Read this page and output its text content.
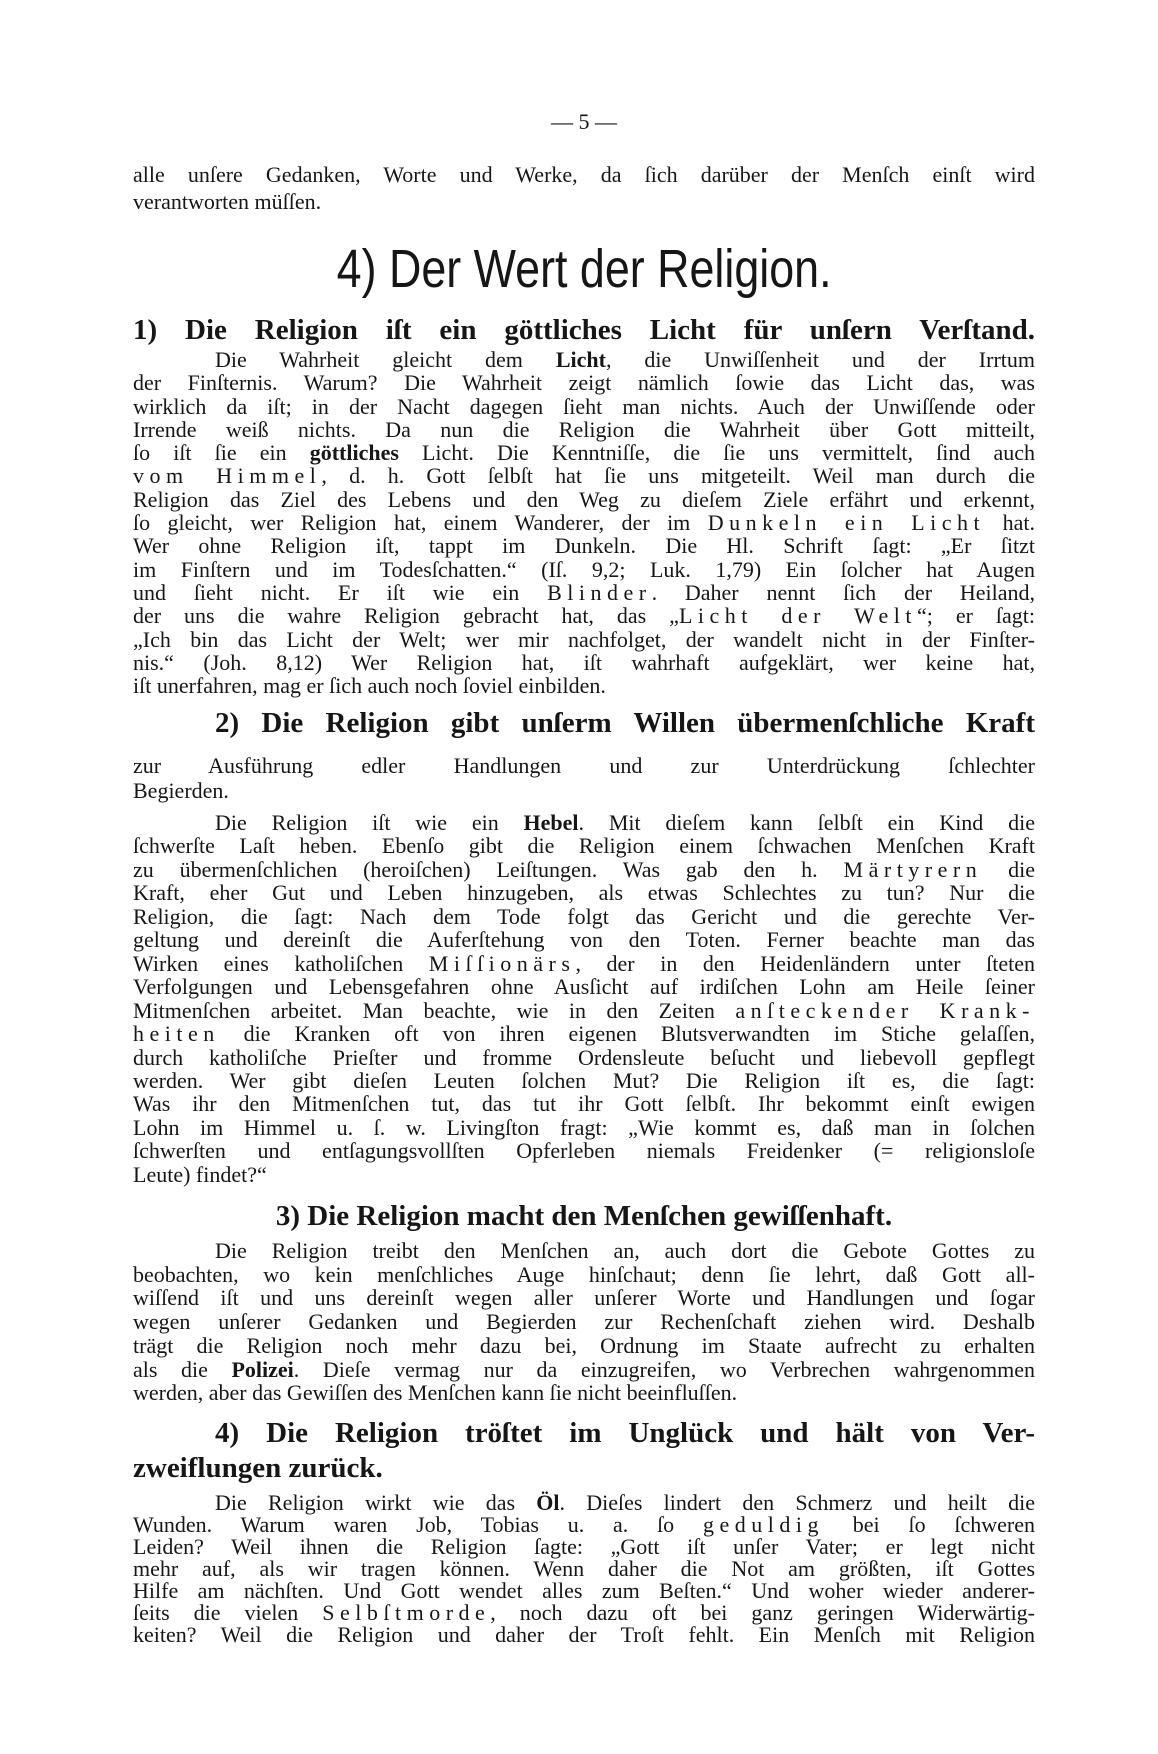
— 5 —
alle unſere Gedanken, Worte und Werke, da ſich darüber der Menſch einſt wird
verantworten müſſen.
4) Der Wert der Religion.
1) Die Religion iſt ein göttliches Licht für unſern Verſtand.
Die Wahrheit gleicht dem Licht, die Unwiſſenheit und der Irrtum
der Finſternis. Warum? Die Wahrheit zeigt nämlich ſowie das Licht das, was
wirklich da iſt; in der Nacht dagegen ſieht man nichts. Auch der Unwiſſende oder
Irrende weiß nichts. Da nun die Religion die Wahrheit über Gott mitteilt,
ſo iſt ſie ein göttliches Licht. Die Kenntniſſe, die ſie uns vermittelt, ſind auch
vom Himmel, d. h. Gott ſelbſt hat ſie uns mitgeteilt. Weil man durch die
Religion das Ziel des Lebens und den Weg zu dieſem Ziele erfährt und erkennt,
ſo gleicht, wer Religion hat, einem Wanderer, der im Dunkeln ein Licht hat.
Wer ohne Religion iſt, tappt im Dunkeln. Die Hl. Schrift ſagt: „Er ſitzt
im Finſtern und im Todesſchatten.“ (Iſ. 9,2; Luk. 1,79) Ein ſolcher hat Augen
und ſieht nicht. Er iſt wie ein Blinder. Daher nennt ſich der Heiland,
der uns die wahre Religion gebracht hat, das „Licht der Welt“; er ſagt:
„Ich bin das Licht der Welt; wer mir nachfolget, der wandelt nicht in der Finſter-
nis.“ (Joh. 8,12) Wer Religion hat, iſt wahrhaft aufgeklärt, wer keine hat,
iſt unerfahren, mag er ſich auch noch ſoviel einbilden.
2) Die Religion gibt unſerm Willen übermenſchliche Kraft
zur Ausführung edler Handlungen und zur Unterdrückung ſchlechter
Begierden.
Die Religion iſt wie ein Hebel. Mit dieſem kann ſelbſt ein Kind die
ſchwerſte Laſt heben. Ebenſo gibt die Religion einem ſchwachen Menſchen Kraft
zu übermenſchlichen (heroiſchen) Leiſtungen. Was gab den h. Märtyrern die
Kraft, eher Gut und Leben hinzugeben, als etwas Schlechtes zu tun? Nur die
Religion, die ſagt: Nach dem Tode folgt das Gericht und die gerechte Ver-
geltung und dereinſt die Auferſtehung von den Toten. Ferner beachte man das
Wirken eines katholiſchen Miſſionärs, der in den Heidenländern unter ſteten
Verfolgungen und Lebensgefahren ohne Ausſicht auf irdiſchen Lohn am Heile ſeiner
Mitmenſchen arbeitet. Man beachte, wie in den Zeiten anſteckender Krank-
heiten die Kranken oft von ihren eigenen Blutsverwandten im Stiche gelaſſen,
durch katholiſche Prieſter und fromme Ordensleute beſucht und liebevoll gepflegt
werden. Wer gibt dieſen Leuten ſolchen Mut? Die Religion iſt es, die ſagt:
Was ihr den Mitmenſchen tut, das tut ihr Gott ſelbſt. Ihr bekommt einſt ewigen
Lohn im Himmel u. ſ. w. Livingſton fragt: „Wie kommt es, daß man in ſolchen
ſchwerſten und entſagungsvollſten Opferleben niemals Freidenker (= religionsloſe
Leute) findet?“
3) Die Religion macht den Menſchen gewiſſenhaft.
Die Religion treibt den Menſchen an, auch dort die Gebote Gottes zu
beobachten, wo kein menſchliches Auge hinſchaut; denn ſie lehrt, daß Gott all-
wiſſend iſt und uns dereinſt wegen aller unſerer Worte und Handlungen und ſogar
wegen unſerer Gedanken und Begierden zur Rechenſchaft ziehen wird. Deshalb
trägt die Religion noch mehr dazu bei, Ordnung im Staate aufrecht zu erhalten
als die Polizei. Dieſe vermag nur da einzugreifen, wo Verbrechen wahrgenommen
werden, aber das Gewiſſen des Menſchen kann ſie nicht beeinfluſſen.
4) Die Religion tröſtet im Unglück und hält von Ver-
zweiflungen zurück.
Die Religion wirkt wie das Öl. Dieſes lindert den Schmerz und heilt die
Wunden. Warum waren Job, Tobias u. a. ſo geduldig bei ſo ſchweren
Leiden? Weil ihnen die Religion ſagte: „Gott iſt unſer Vater; er legt nicht
mehr auf, als wir tragen können. Wenn daher die Not am größten, iſt Gottes
Hilfe am nächſten. Und Gott wendet alles zum Beſten.“ Und woher wieder anderer-
ſeits die vielen Selbſtmorde, noch dazu oft bei ganz geringen Widerwärtig-
keiten? Weil die Religion und daher der Troſt fehlt. Ein Menſch mit Religion
